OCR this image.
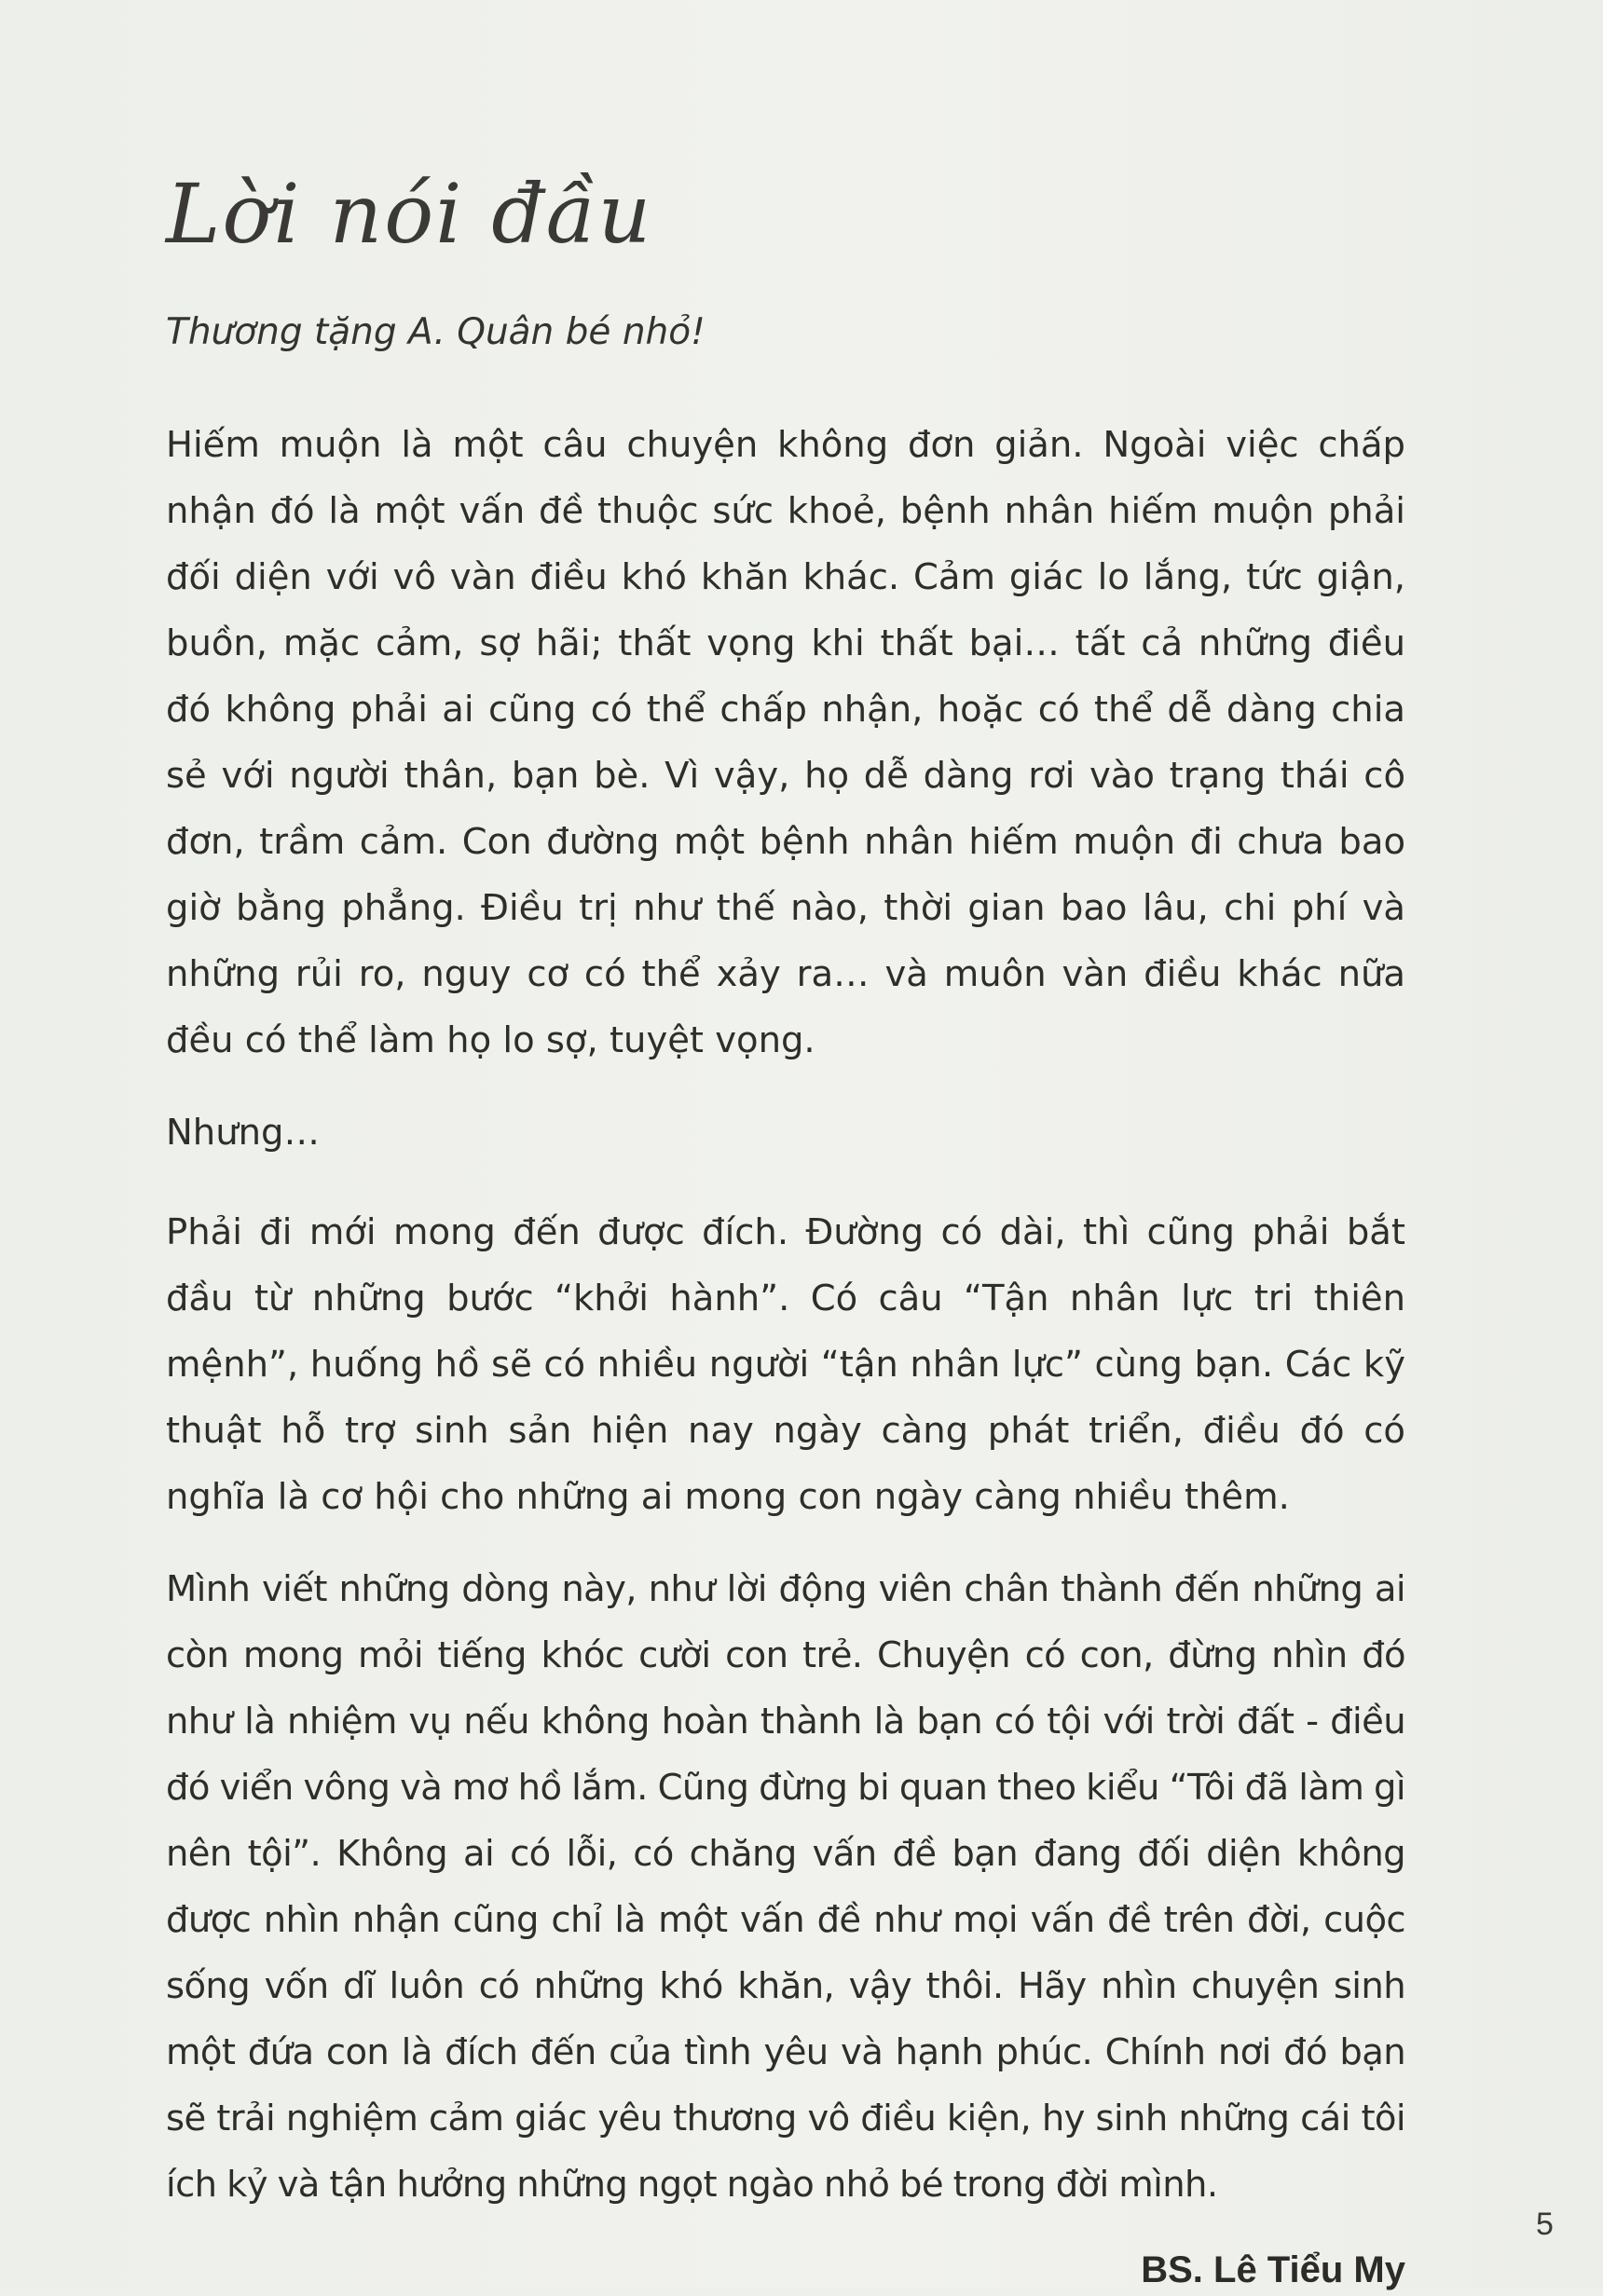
Lời nói đầu

Thương tặng A. Quân bé nhỏ!

Hiếm muộn là một câu chuyện không đơn giản. Ngoài việc chấp nhận đó là một vấn đề thuộc sức khoẻ, bệnh nhân hiếm muộn phải đối diện với vô vàn điều khó khăn khác. Cảm giác lo lắng, tức giận, buồn, mặc cảm, sợ hãi; thất vọng khi thất bại… tất cả những điều đó không phải ai cũng có thể chấp nhận, hoặc có thể dễ dàng chia sẻ với người thân, bạn bè. Vì vậy, họ dễ dàng rơi vào trạng thái cô đơn, trầm cảm. Con đường một bệnh nhân hiếm muộn đi chưa bao giờ bằng phẳng. Điều trị như thế nào, thời gian bao lâu, chi phí và những rủi ro, nguy cơ có thể xảy ra… và muôn vàn điều khác nữa đều có thể làm họ lo sợ, tuyệt vọng.

Nhưng…

Phải đi mới mong đến được đích. Đường có dài, thì cũng phải bắt đầu từ những bước “khởi hành”. Có câu “Tận nhân lực tri thiên mệnh”, huống hồ sẽ có nhiều người “tận nhân lực” cùng bạn. Các kỹ thuật hỗ trợ sinh sản hiện nay ngày càng phát triển, điều đó có nghĩa là cơ hội cho những ai mong con ngày càng nhiều thêm.

Mình viết những dòng này, như lời động viên chân thành đến những ai còn mong mỏi tiếng khóc cười con trẻ. Chuyện có con, đừng nhìn đó như là nhiệm vụ nếu không hoàn thành là bạn có tội với trời đất - điều đó viển vông và mơ hồ lắm. Cũng đừng bi quan theo kiểu “Tôi đã làm gì nên tội”. Không ai có lỗi, có chăng vấn đề bạn đang đối diện không được nhìn nhận cũng chỉ là một vấn đề như mọi vấn đề trên đời, cuộc sống vốn dĩ luôn có những khó khăn, vậy thôi. Hãy nhìn chuyện sinh một đứa con là đích đến của tình yêu và hạnh phúc. Chính nơi đó bạn sẽ trải nghiệm cảm giác yêu thương vô điều kiện, hy sinh những cái tôi ích kỷ và tận hưởng những ngọt ngào nhỏ bé trong đời mình.

BS. Lê Tiểu My
5
